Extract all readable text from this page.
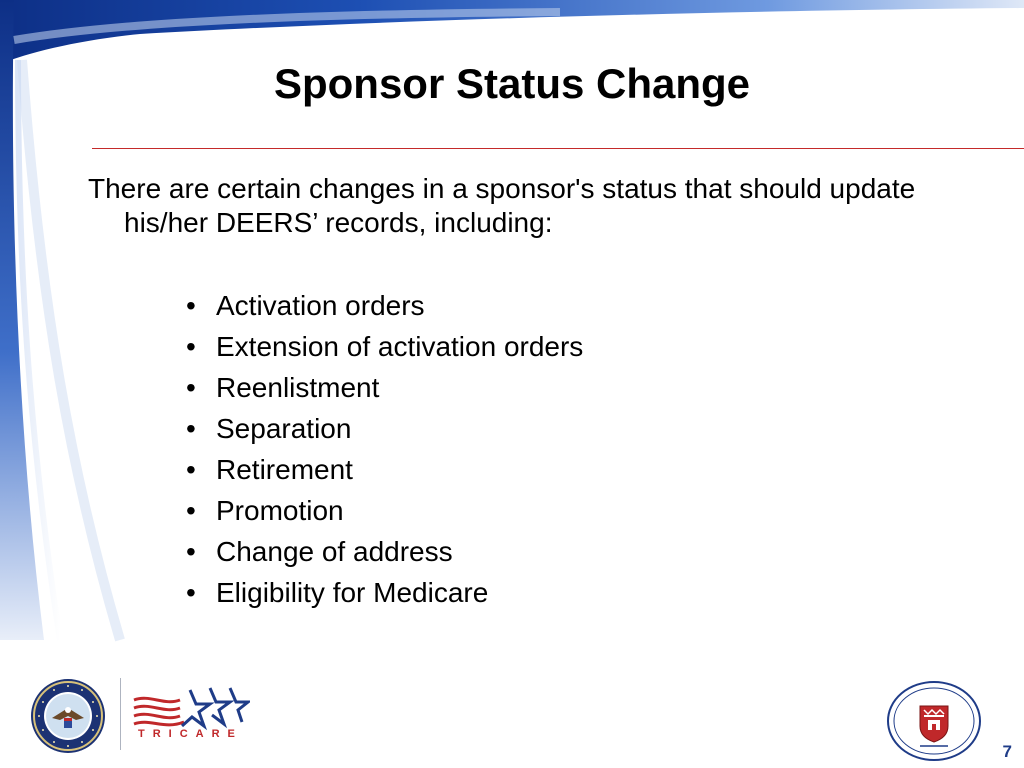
Sponsor Status Change
There are certain changes in a sponsor's status that should update his/her DEERS’ records, including:
• Activation orders
• Extension of activation orders
• Reenlistment
• Separation
• Retirement
• Promotion
• Change of address
• Eligibility for Medicare
TRICARE
7
